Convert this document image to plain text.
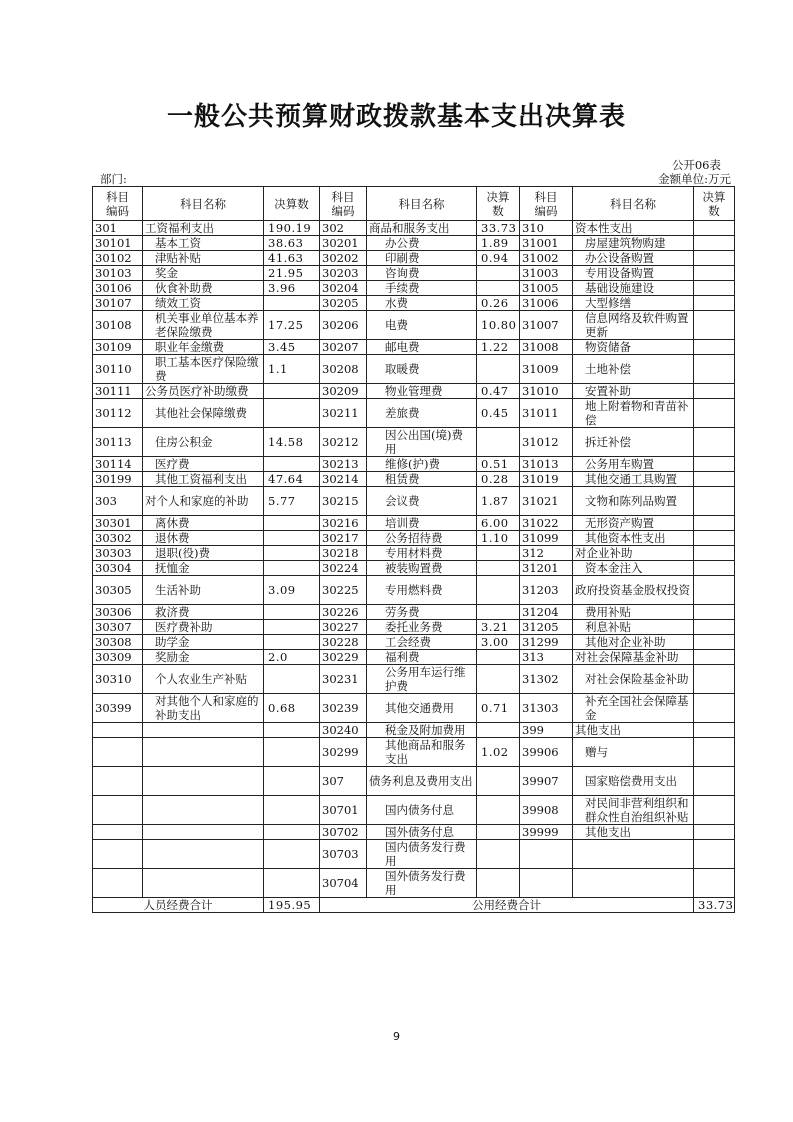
一般公共预算财政拨款基本支出决算表
公开06表
部门:	金额单位:万元
科目
编码	科目名称	决算数	科目
编码	科目名称	决算
数	科目
编码	科目名称	决算
数
301	工资福利支出	190.19	302	商品和服务支出	33.73	310	资本性支出	
30101	基本工资	38.63	30201	办公费	1.89	31001	房屋建筑物购建	
30102	津贴补贴	41.63	30202	印刷费	0.94	31002	办公设备购置	
30103	奖金	21.95	30203	咨询费		31003	专用设备购置	
30106	伙食补助费	3.96	30204	手续费		31005	基础设施建设	
30107	绩效工资		30205	水费	0.26	31006	大型修缮	
30108	机关事业单位基本养老保险缴费	17.25	30206	电费	10.80	31007	信息网络及软件购置更新	
30109	职业年金缴费	3.45	30207	邮电费	1.22	31008	物资储备	
30110	职工基本医疗保险缴费	1.1	30208	取暖费		31009	土地补偿	
30111	公务员医疗补助缴费		30209	物业管理费	0.47	31010	安置补助	
30112	其他社会保障缴费		30211	差旅费	0.45	31011	地上附着物和青苗补偿	
30113	住房公积金	14.58	30212	因公出国(境)费用		31012	拆迁补偿	
30114	医疗费		30213	维修(护)费	0.51	31013	公务用车购置	
30199	其他工资福利支出	47.64	30214	租赁费	0.28	31019	其他交通工具购置	
303	对个人和家庭的补助	5.77	30215	会议费	1.87	31021	文物和陈列品购置	
30301	离休费		30216	培训费	6.00	31022	无形资产购置	
30302	退休费		30217	公务招待费	1.10	31099	其他资本性支出	
30303	退职(役)费		30218	专用材料费		312	对企业补助	
30304	抚恤金		30224	被装购置费		31201	资本金注入	
30305	生活补助	3.09	30225	专用燃料费		31203	政府投资基金股权投资	
30306	救济费		30226	劳务费		31204	费用补贴	
30307	医疗费补助		30227	委托业务费	3.21	31205	利息补贴	
30308	助学金		30228	工会经费	3.00	31299	其他对企业补助	
30309	奖励金	2.0	30229	福利费		313	对社会保障基金补助	
30310	个人农业生产补贴		30231	公务用车运行维护费		31302	对社会保险基金补助	
30399	对其他个人和家庭的补助支出	0.68	30239	其他交通费用	0.71	31303	补充全国社会保障基金	
			30240	税金及附加费用		399	其他支出	
			30299	其他商品和服务支出	1.02	39906	赠与	
			307	债务利息及费用支出		39907	国家赔偿费用支出	
			30701	国内债务付息		39908	对民间非营利组织和群众性自治组织补贴	
			30702	国外债务付息		39999	其他支出	
			30703	国内债务发行费用				
			30704	国外债务发行费用				
人员经费合计		195.95	公用经费合计					33.73
9
